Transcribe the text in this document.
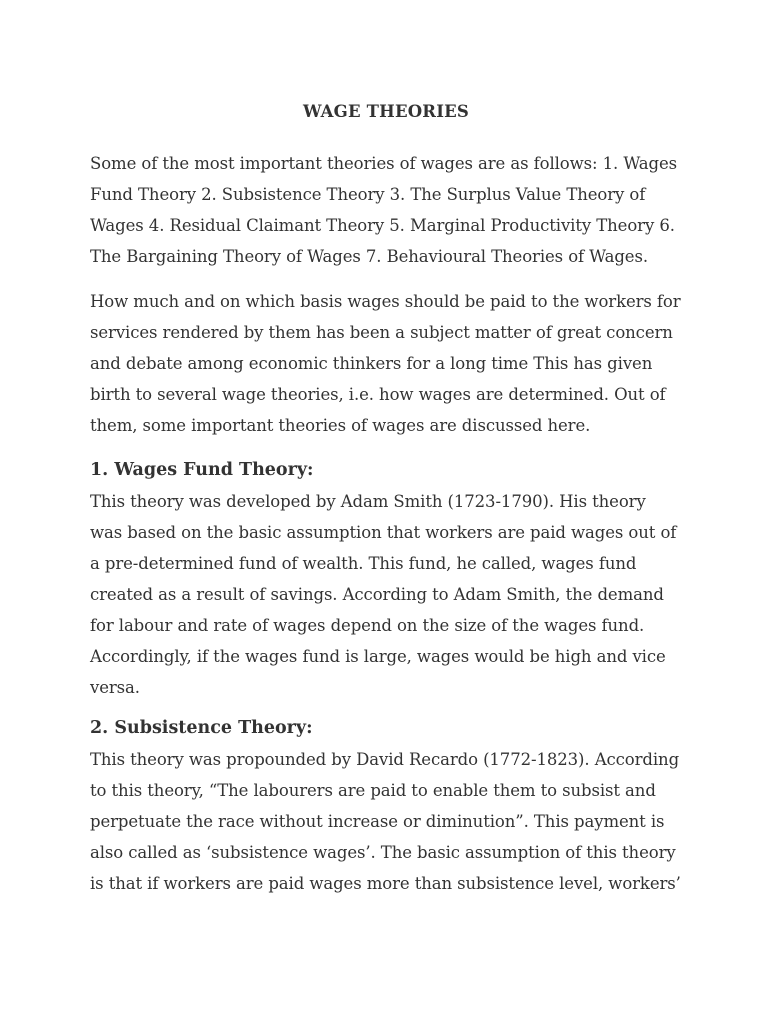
WAGE THEORIES

Some of the most important theories of wages are as follows: 1. Wages Fund Theory 2. Subsistence Theory 3. The Surplus Value Theory of Wages 4. Residual Claimant Theory 5. Marginal Productivity Theory 6. The Bargaining Theory of Wages 7. Behavioural Theories of Wages.

How much and on which basis wages should be paid to the workers for services rendered by them has been a subject matter of great concern and debate among economic thinkers for a long time This has given birth to several wage theories, i.e. how wages are determined. Out of them, some important theories of wages are discussed here.

1. Wages Fund Theory:

This theory was developed by Adam Smith (1723-1790). His theory was based on the basic assumption that workers are paid wages out of a pre-determined fund of wealth. This fund, he called, wages fund created as a result of savings. According to Adam Smith, the demand for labour and rate of wages depend on the size of the wages fund. Accordingly, if the wages fund is large, wages would be high and vice versa.

2. Subsistence Theory:

This theory was propounded by David Recardo (1772-1823). According to this theory, “The labourers are paid to enable them to subsist and perpetuate the race without increase or diminution”. This payment is also called as ‘subsistence wages’. The basic assumption of this theory is that if workers are paid wages more than subsistence level, workers’
